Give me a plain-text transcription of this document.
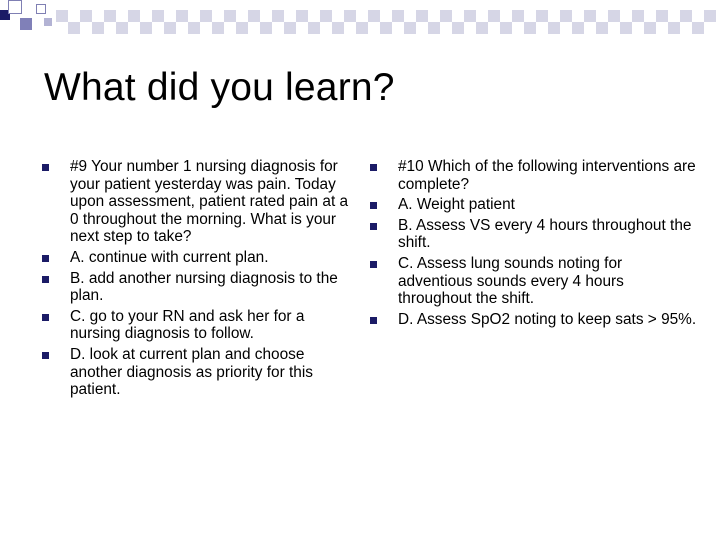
What did you learn?
#9 Your number 1 nursing diagnosis for your patient yesterday was pain. Today upon assessment, patient rated pain at a 0 throughout the morning. What is your next step to take?
A. continue with current plan.
B. add another nursing diagnosis to the plan.
C. go to your RN and ask her for a nursing diagnosis to follow.
D. look at current plan and choose another diagnosis as priority for this patient.
#10 Which of the following interventions are complete?
A. Weight patient
B. Assess VS every 4 hours throughout the shift.
C. Assess lung sounds noting for adventious sounds every 4 hours throughout the shift.
D. Assess SpO2 noting to keep sats > 95%.
